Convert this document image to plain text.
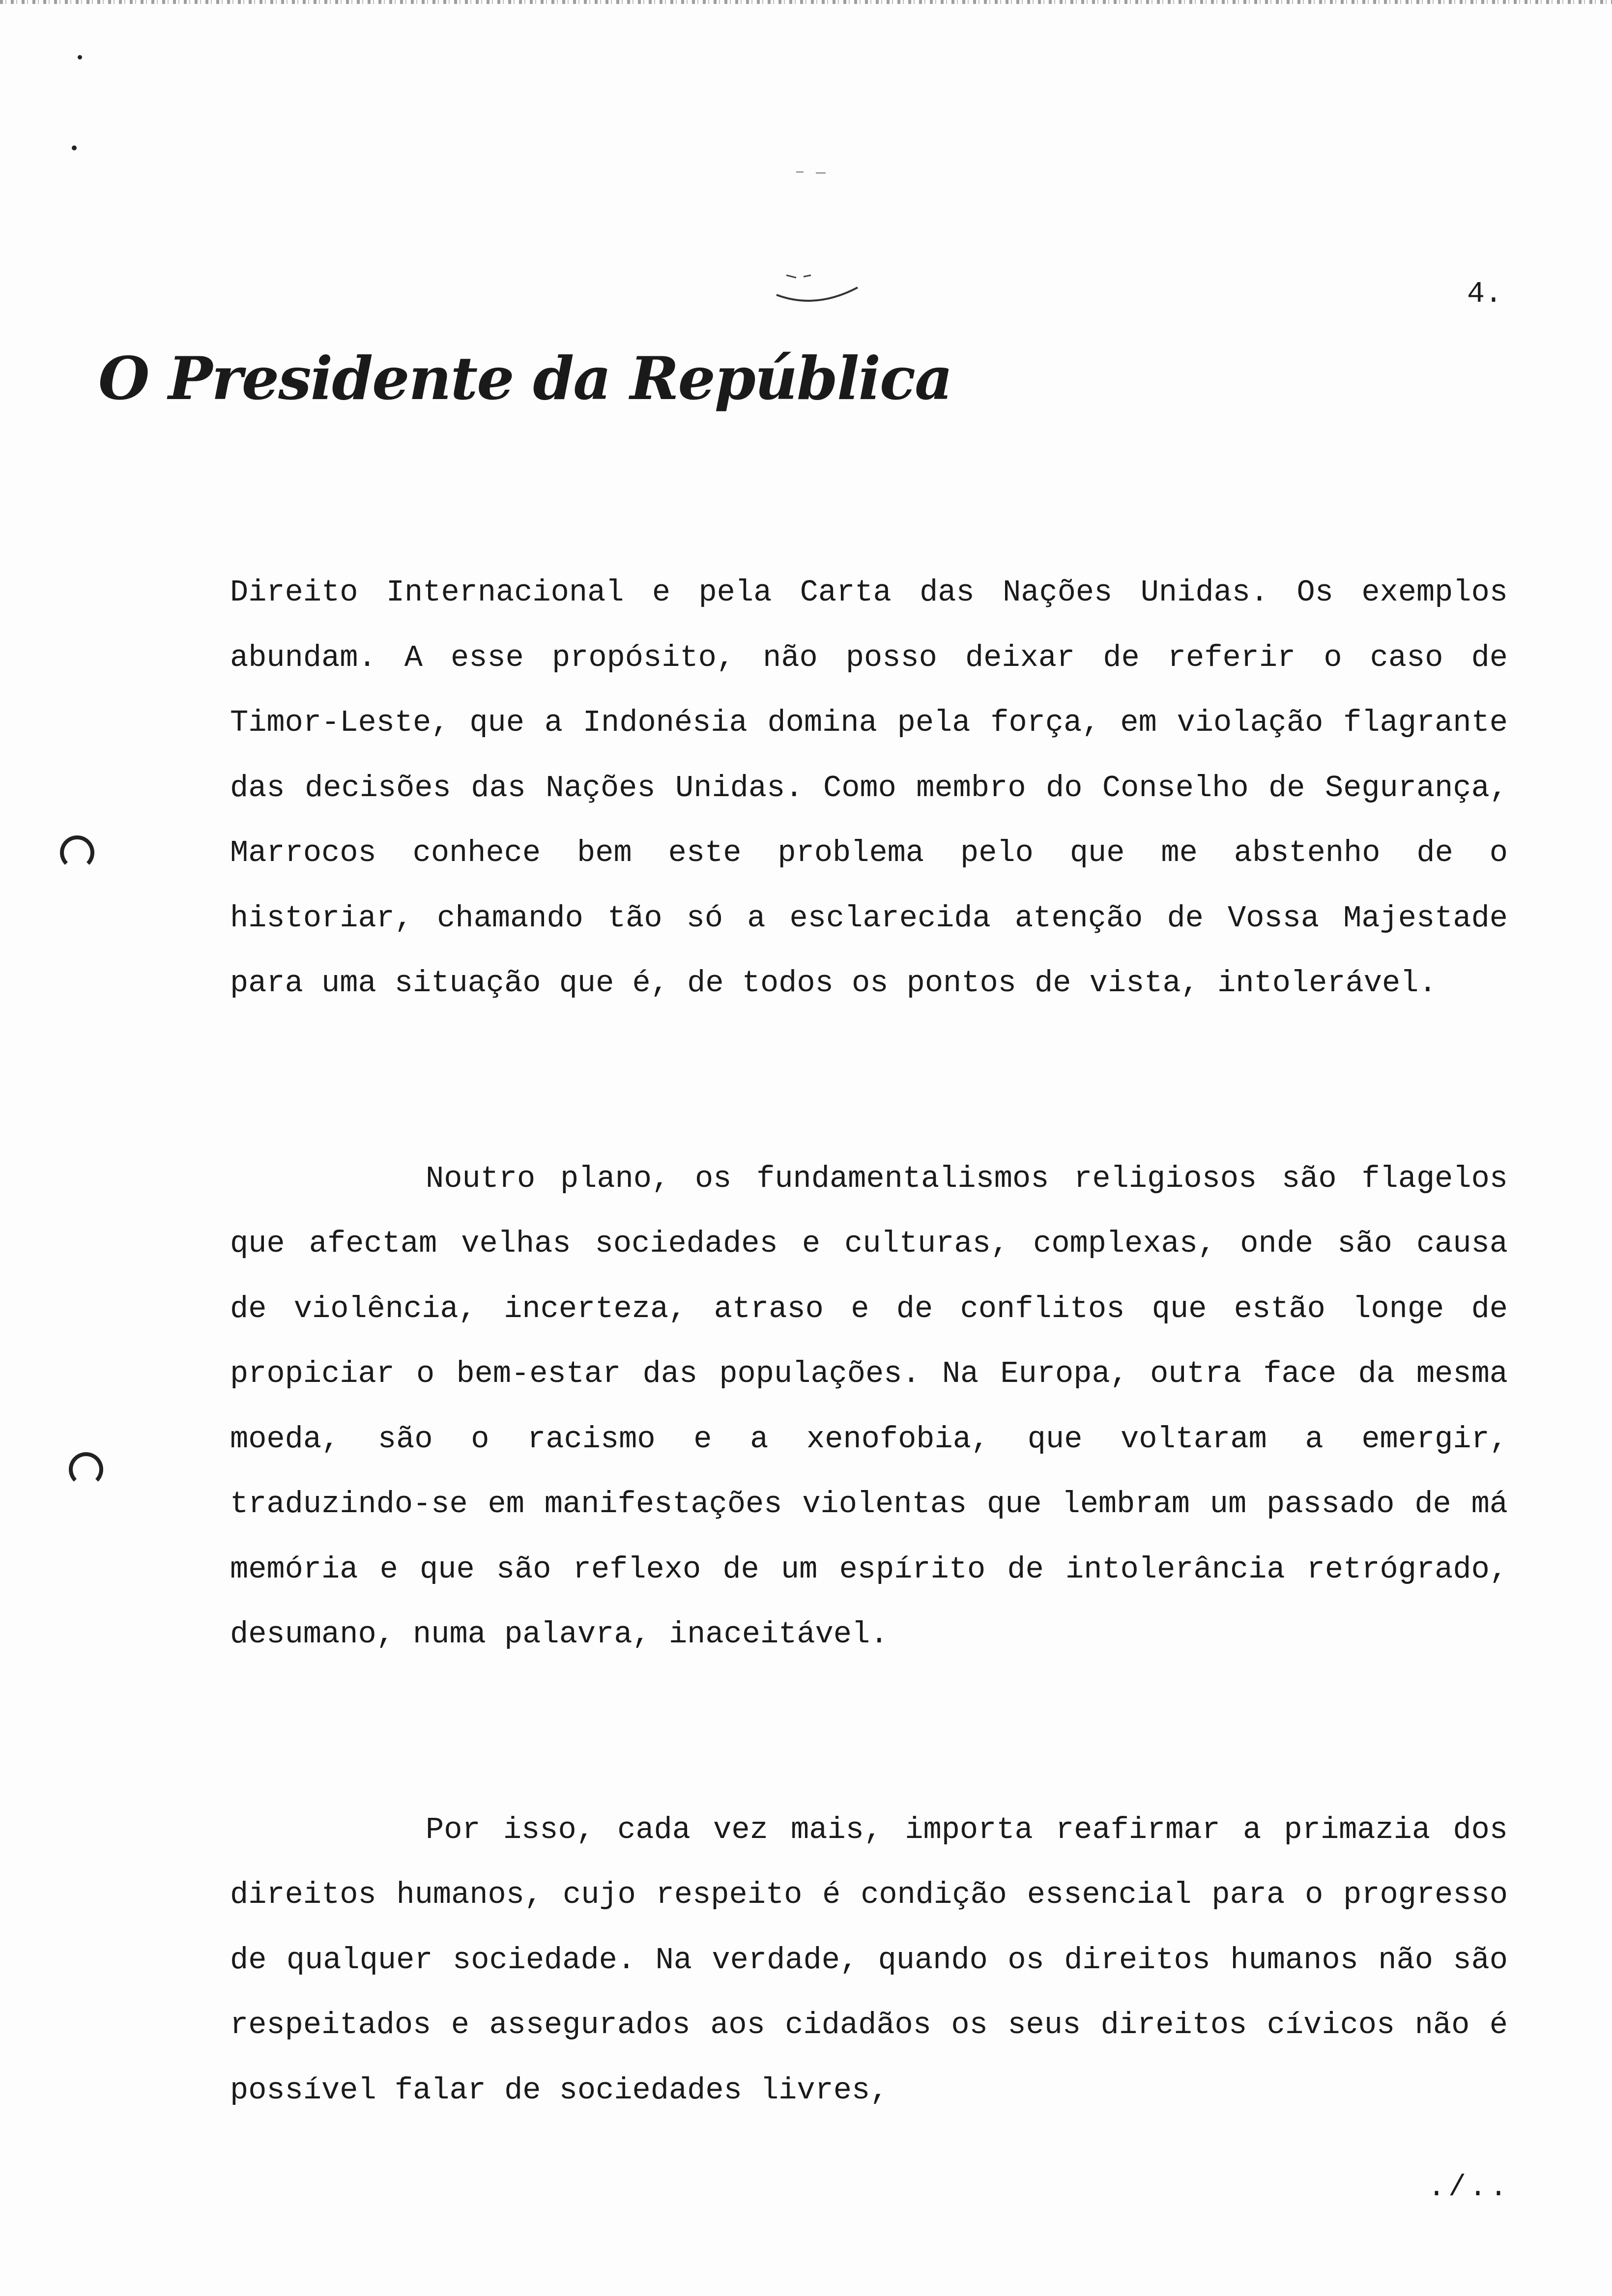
4.

O Presidente da República

Direito Internacional e pela Carta das Nações Unidas. Os exemplos abundam. A esse propósito, não posso deixar de referir o caso de Timor-Leste, que a Indonésia domina pela força, em violação flagrante das decisões das Nações Unidas. Como membro do Conselho de Segurança, Marrocos conhece bem este problema pelo que me abstenho de o historiar, chamando tão só a esclarecida atenção de Vossa Majestade para uma situação que é, de todos os pontos de vista, intolerável.

Noutro plano, os fundamentalismos religiosos são flagelos que afectam velhas sociedades e culturas, complexas, onde são causa de violência, incerteza, atraso e de conflitos que estão longe de propiciar o bem-estar das populações. Na Europa, outra face da mesma moeda, são o racismo e a xenofobia, que voltaram a emergir, traduzindo-se em manifestações violentas que lembram um passado de má memória e que são reflexo de um espírito de intolerância retrógrado, desumano, numa palavra, inaceitável.

Por isso, cada vez mais, importa reafirmar a primazia dos direitos humanos, cujo respeito é condição essencial para o progresso de qualquer sociedade. Na verdade, quando os direitos humanos não são respeitados e assegurados aos cidadãos os seus direitos cívicos não é possível falar de sociedades livres,

./..
